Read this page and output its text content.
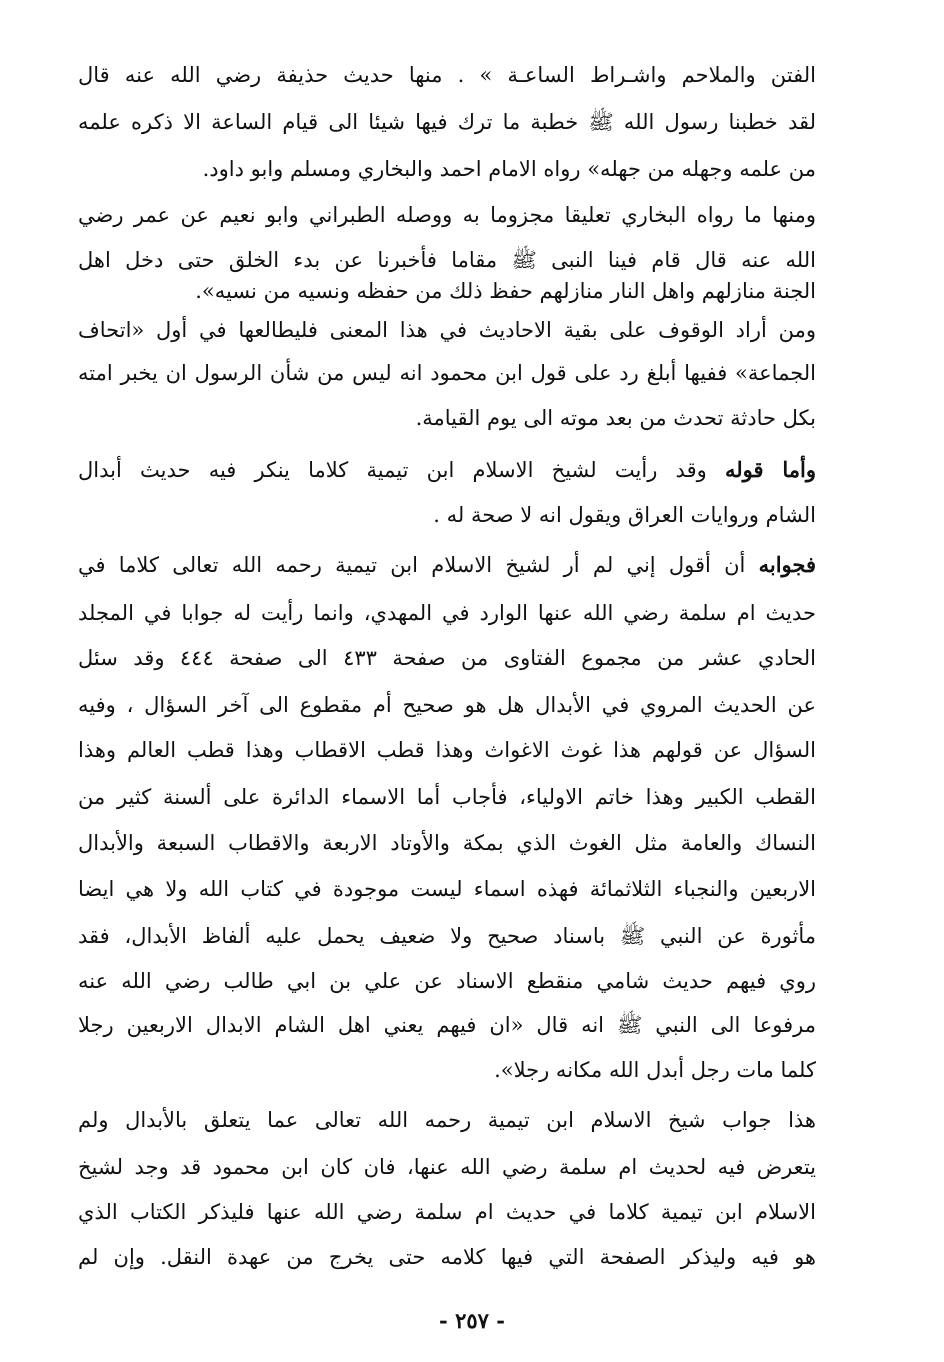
الفتن والملاحم واشـراط الساعـة » . منها حديث حذيفة رضي الله عنه قال
لقد خطبنا رسول الله ﷺ خطبة ما ترك فيها شيئا الى قيام الساعة الا ذكره علمه
من علمه وجهله من جهله» رواه الامام احمد والبخاري ومسلم وابو داود.
ومنها ما رواه البخاري تعليقا مجزوما به ووصله الطبراني وابو نعيم عن عمر رضي
الله عنه قال قام فينا النبى ﷺ مقاما فأخبرنا عن بدء الخلق حتى دخل اهل
الجنة منازلهم واهل النار منازلهم حفظ ذلك من حفظه ونسيه من نسيه».
ومن أراد الوقوف على بقية الاحاديث في هذا المعنى فليطالعها في أول «اتحاف
الجماعة» ففيها أبلغ رد على قول ابن محمود انه ليس من شأن الرسول ان يخبر امته
بكل حادثة تحدث من بعد موته الى يوم القيامة.
وأما قوله وقد رأيت لشيخ الاسلام ابن تيمية كلاما ينكر فيه حديث أبدال
الشام وروايات العراق ويقول انه لا صحة له .
فجوابه أن أقول إني لم أر لشيخ الاسلام ابن تيمية رحمه الله تعالى كلاما في
حديث ام سلمة رضي الله عنها الوارد في المهدي، وانما رأيت له جوابا في المجلد
الحادي عشر من مجموع الفتاوى من صفحة ٤٣٣ الى صفحة ٤٤٤ وقد سئل
عن الحديث المروي في الأبدال هل هو صحيح أم مقطوع الى آخر السؤال ، وفيه
السؤال عن قولهم هذا غوث الاغواث وهذا قطب الاقطاب وهذا قطب العالم وهذا
القطب الكبير وهذا خاتم الاولياء، فأجاب أما الاسماء الدائرة على ألسنة كثير من
النساك والعامة مثل الغوث الذي بمكة والأوتاد الاربعة والاقطاب السبعة والأبدال
الاربعين والنجباء الثلاثمائة فهذه اسماء ليست موجودة في كتاب الله ولا هي ايضا
مأثورة عن النبي ﷺ باسناد صحيح ولا ضعيف يحمل عليه ألفاظ الأبدال، فقد
روي فيهم حديث شامي منقطع الاسناد عن علي بن ابي طالب رضي الله عنه
مرفوعا الى النبي ﷺ انه قال «ان فيهم يعني اهل الشام الابدال الاربعين رجلا
كلما مات رجل أبدل الله مكانه رجلا».
هذا جواب شيخ الاسلام ابن تيمية رحمه الله تعالى عما يتعلق بالأبدال ولم
يتعرض فيه لحديث ام سلمة رضي الله عنها، فان كان ابن محمود قد وجد لشيخ
الاسلام ابن تيمية كلاما في حديث ام سلمة رضي الله عنها فليذكر الكتاب الذي
هو فيه وليذكر الصفحة التي فيها كلامه حتى يخرج من عهدة النقل. وإن لم
- ٢٥٧ -
